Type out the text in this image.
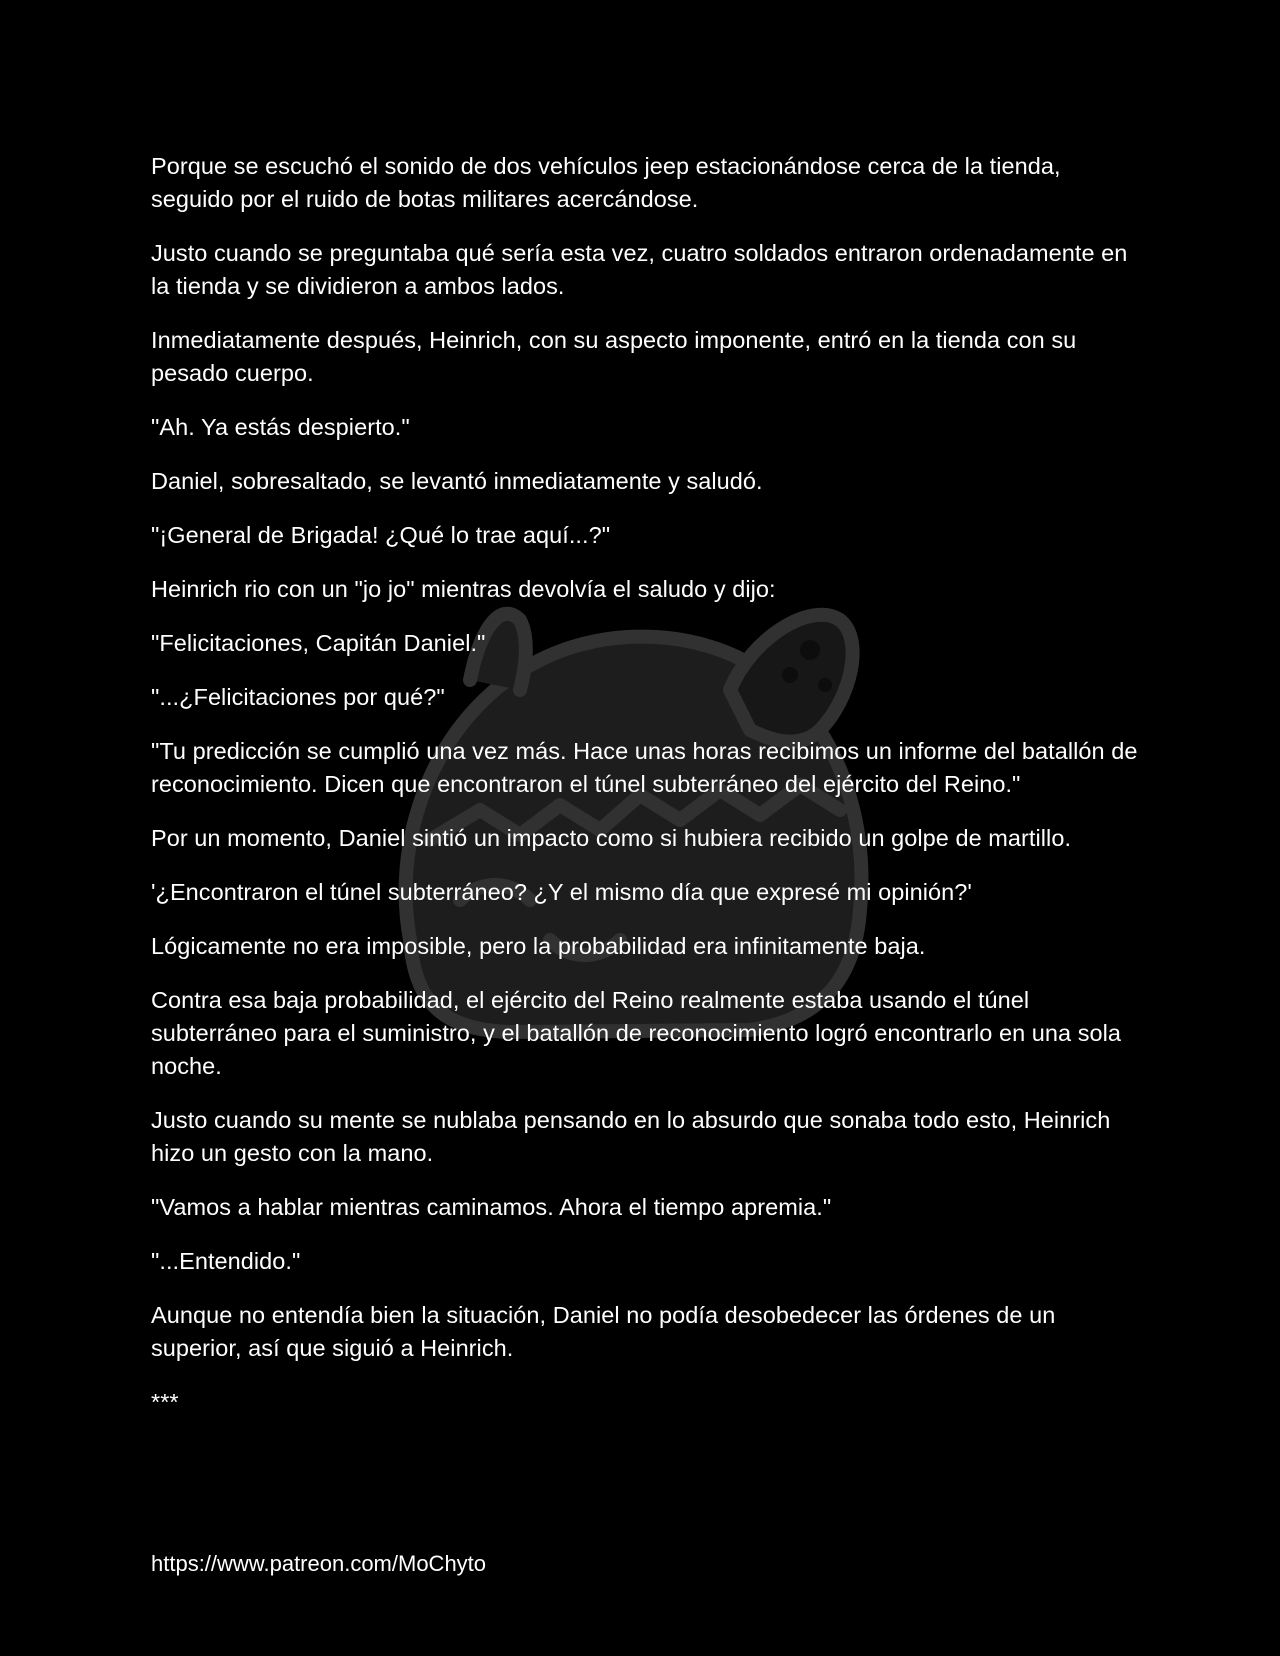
Porque se escuchó el sonido de dos vehículos jeep estacionándose cerca de la tienda, seguido por el ruido de botas militares acercándose.

Justo cuando se preguntaba qué sería esta vez, cuatro soldados entraron ordenadamente en la tienda y se dividieron a ambos lados.

Inmediatamente después, Heinrich, con su aspecto imponente, entró en la tienda con su pesado cuerpo.

"Ah. Ya estás despierto."

Daniel, sobresaltado, se levantó inmediatamente y saludó.

"¡General de Brigada! ¿Qué lo trae aquí...?"

Heinrich rio con un "jo jo" mientras devolvía el saludo y dijo:

"Felicitaciones, Capitán Daniel."

"...¿Felicitaciones por qué?"

"Tu predicción se cumplió una vez más. Hace unas horas recibimos un informe del batallón de reconocimiento. Dicen que encontraron el túnel subterráneo del ejército del Reino."

Por un momento, Daniel sintió un impacto como si hubiera recibido un golpe de martillo.

'¿Encontraron el túnel subterráneo? ¿Y el mismo día que expresé mi opinión?'

Lógicamente no era imposible, pero la probabilidad era infinitamente baja.

Contra esa baja probabilidad, el ejército del Reino realmente estaba usando el túnel subterráneo para el suministro, y el batallón de reconocimiento logró encontrarlo en una sola noche.

Justo cuando su mente se nublaba pensando en lo absurdo que sonaba todo esto, Heinrich hizo un gesto con la mano.

"Vamos a hablar mientras caminamos. Ahora el tiempo apremia."

"...Entendido."

Aunque no entendía bien la situación, Daniel no podía desobedecer las órdenes de un superior, así que siguió a Heinrich.

***

https://www.patreon.com/MoChyto
